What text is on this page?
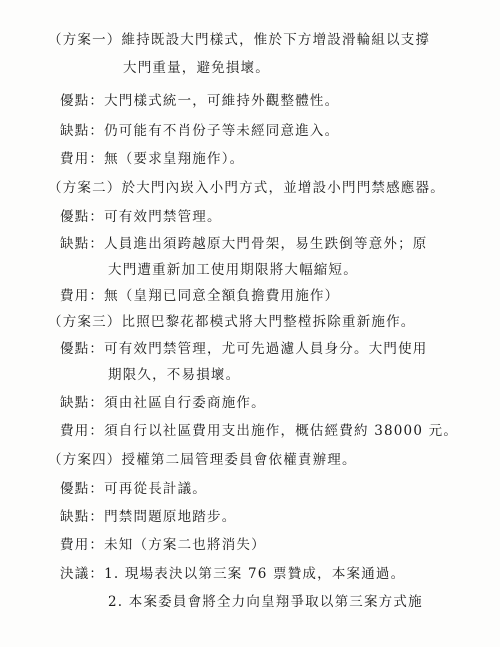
（方案一）維持既設大門樣式，惟於下方增設滑輪組以支撐
大門重量，避免損壞。
優點：大門樣式統一，可維持外觀整體性。
缺點：仍可能有不肖份子等未經同意進入。
費用：無（要求皇翔施作）。
（方案二）於大門內崁入小門方式，並增設小門門禁感應器。
優點：可有效門禁管理。
缺點：人員進出須跨越原大門骨架，易生跌倒等意外；原
大門遭重新加工使用期限將大幅縮短。
費用：無（皇翔已同意全額負擔費用施作）
（方案三）比照巴黎花都模式將大門整樘拆除重新施作。
優點：可有效門禁管理，尤可先過濾人員身分。大門使用
期限久，不易損壞。
缺點：須由社區自行委商施作。
費用：須自行以社區費用支出施作，概估經費約 38000 元。
（方案四）授權第二屆管理委員會依權責辦理。
優點：可再從長計議。
缺點：門禁問題原地踏步。
費用：未知（方案二也將消失）
決議：1. 現場表決以第三案 76 票贊成，本案通過。
2. 本案委員會將全力向皇翔爭取以第三案方式施
